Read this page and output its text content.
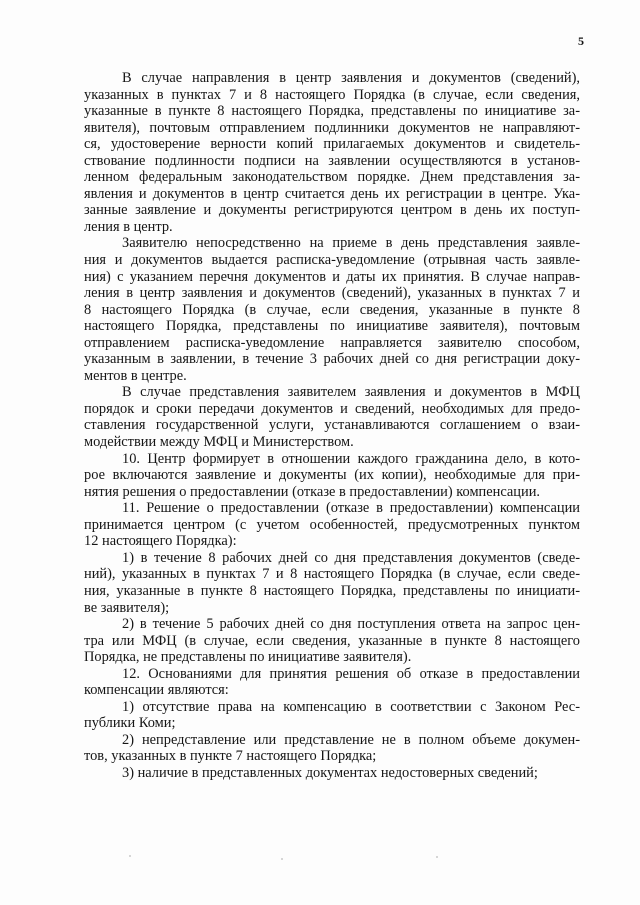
5
В случае направления в центр заявления и документов (сведений),
указанных в пунктах 7 и 8 настоящего Порядка (в случае, если сведения,
указанные в пункте 8 настоящего Порядка, представлены по инициативе за-
явителя), почтовым отправлением подлинники документов не направляют-
ся, удостоверение верности копий прилагаемых документов и свидетель-
ствование подлинности подписи на заявлении осуществляются в установ-
ленном федеральным законодательством порядке. Днем представления за-
явления и документов в центр считается день их регистрации в центре. Ука-
занные заявление и документы регистрируются центром в день их поступ-
ления в центр.
Заявителю непосредственно на приеме в день представления заявле-
ния и документов выдается расписка-уведомление (отрывная часть заявле-
ния) с указанием перечня документов и даты их принятия. В случае направ-
ления в центр заявления и документов (сведений), указанных в пунктах 7 и
8 настоящего Порядка (в случае, если сведения, указанные в пункте 8
настоящего Порядка, представлены по инициативе заявителя), почтовым
отправлением расписка-уведомление направляется заявителю способом,
указанным в заявлении, в течение 3 рабочих дней со дня регистрации доку-
ментов в центре.
В случае представления заявителем заявления и документов в МФЦ
порядок и сроки передачи документов и сведений, необходимых для предо-
ставления государственной услуги, устанавливаются соглашением о взаи-
модействии между МФЦ и Министерством.
10. Центр формирует в отношении каждого гражданина дело, в кото-
рое включаются заявление и документы (их копии), необходимые для при-
нятия решения о предоставлении (отказе в предоставлении) компенсации.
11. Решение о предоставлении (отказе в предоставлении) компенсации
принимается центром (с учетом особенностей, предусмотренных пунктом
12 настоящего Порядка):
1) в течение 8 рабочих дней со дня представления документов (сведе-
ний), указанных в пунктах 7 и 8 настоящего Порядка (в случае, если сведе-
ния, указанные в пункте 8 настоящего Порядка, представлены по инициати-
ве заявителя);
2) в течение 5 рабочих дней со дня поступления ответа на запрос цен-
тра или МФЦ (в случае, если сведения, указанные в пункте 8 настоящего
Порядка, не представлены по инициативе заявителя).
12. Основаниями для принятия решения об отказе в предоставлении
компенсации являются:
1) отсутствие права на компенсацию в соответствии с Законом Рес-
публики Коми;
2) непредставление или представление не в полном объеме докумен-
тов, указанных в пункте 7 настоящего Порядка;
3) наличие в представленных документах недостоверных сведений;
